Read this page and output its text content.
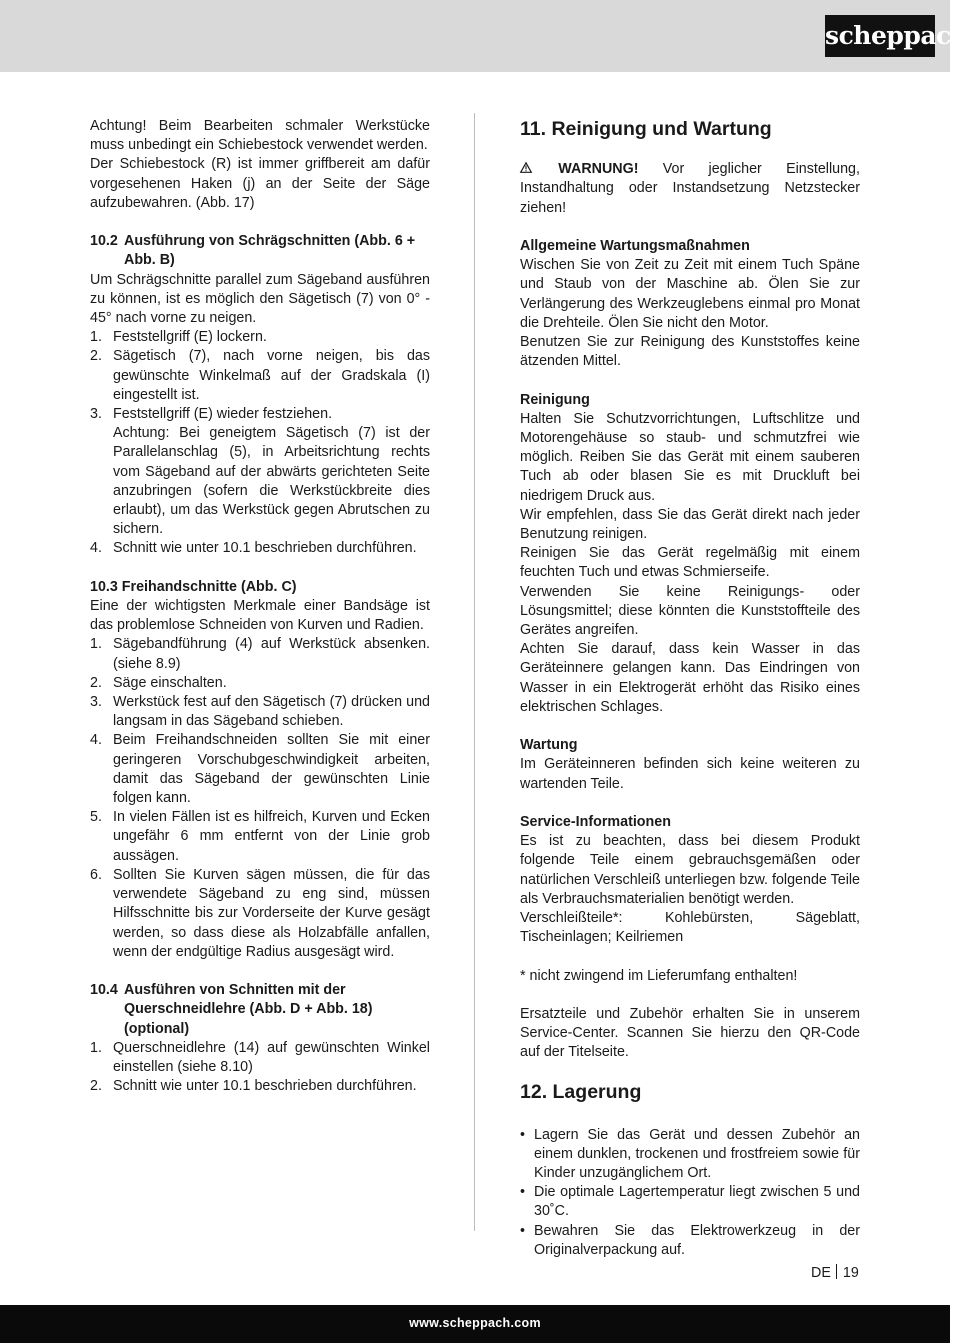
scheppach

Achtung! Beim Bearbeiten schmaler Werkstücke muss unbedingt ein Schiebestock verwendet werden.

Der Schiebestock (R) ist immer griffbereit am dafür vorgesehenen Haken (j) an der Seite der Säge aufzubewahren. (Abb. 17)

10.2 Ausführung von Schrägschnitten (Abb. 6 + Abb. B)

Um Schrägschnitte parallel zum Sägeband ausführen zu können, ist es möglich den Sägetisch (7) von 0° - 45° nach vorne zu neigen.

1. Feststellgriff (E) lockern.
2. Sägetisch (7), nach vorne neigen, bis das gewünschte Winkelmaß auf der Gradskala (I) eingestellt ist.
3. Feststellgriff (E) wieder festziehen.
Achtung: Bei geneigtem Sägetisch (7) ist der Parallelanschlag (5), in Arbeitsrichtung rechts vom Sägeband auf der abwärts gerichteten Seite anzubringen (sofern die Werkstückbreite dies erlaubt), um das Werkstück gegen Abrutschen zu sichern.
4. Schnitt wie unter 10.1 beschrieben durchführen.

10.3 Freihandschnitte (Abb. C)

Eine der wichtigsten Merkmale einer Bandsäge ist das problemlose Schneiden von Kurven und Radien.

1. Sägebandführung (4) auf Werkstück absenken. (siehe 8.9)
2. Säge einschalten.
3. Werkstück fest auf den Sägetisch (7) drücken und langsam in das Sägeband schieben.
4. Beim Freihandschneiden sollten Sie mit einer geringeren Vorschubgeschwindigkeit arbeiten, damit das Sägeband der gewünschten Linie folgen kann.
5. In vielen Fällen ist es hilfreich, Kurven und Ecken ungefähr 6 mm entfernt von der Linie grob aussägen.
6. Sollten Sie Kurven sägen müssen, die für das verwendete Sägeband zu eng sind, müssen Hilfsschnitte bis zur Vorderseite der Kurve gesägt werden, so dass diese als Holzabfälle anfallen, wenn der endgültige Radius ausgesägt wird.
10.4 Ausführen von Schnitten mit der Querschneidlehre (Abb. D + Abb. 18) (optional)
1. Querschneidlehre (14) auf gewünschten Winkel einstellen (siehe 8.10)
2. Schnitt wie unter 10.1 beschrieben durchführen.

11. Reinigung und Wartung

WARNUNG! Vor jeglicher Einstellung, Instandhaltung oder Instandsetzung Netzstecker ziehen!

Allgemeine Wartungsmaßnahmen

Wischen Sie von Zeit zu Zeit mit einem Tuch Späne und Staub von der Maschine ab. Ölen Sie zur Verlängerung des Werkzeuglebens einmal pro Monat die Drehteile. Ölen Sie nicht den Motor.

Benutzen Sie zur Reinigung des Kunststoffes keine ätzenden Mittel.

Reinigung

Halten Sie Schutzvorrichtungen, Luftschlitze und Motorengehäuse so staub- und schmutzfrei wie möglich. Reiben Sie das Gerät mit einem sauberen Tuch ab oder blasen Sie es mit Druckluft bei niedrigem Druck aus.

Wir empfehlen, dass Sie das Gerät direkt nach jeder Benutzung reinigen.

Reinigen Sie das Gerät regelmäßig mit einem feuchten Tuch und etwas Schmierseife.

Verwenden Sie keine Reinigungs- oder Lösungsmittel; diese könnten die Kunststoffteile des Gerätes angreifen.

Achten Sie darauf, dass kein Wasser in das Geräteinnere gelangen kann. Das Eindringen von Wasser in ein Elektrogerät erhöht das Risiko eines elektrischen Schlages.

Wartung

Im Geräteinneren befinden sich keine weiteren zu wartenden Teile.

Service-Informationen

Es ist zu beachten, dass bei diesem Produkt folgende Teile einem gebrauchsgemäßen oder natürlichen Verschleiß unterliegen bzw. folgende Teile als Verbrauchsmaterialien benötigt werden.

Verschleißteile*: Kohlebürsten, Sägeblatt, Tischeinlagen; Keilriemen

* nicht zwingend im Lieferumfang enthalten!

Ersatzteile und Zubehör erhalten Sie in unserem Service-Center. Scannen Sie hierzu den QR-Code auf der Titelseite.

12. Lagerung

• Lagern Sie das Gerät und dessen Zubehör an einem dunklen, trockenen und frostfreiem sowie für Kinder unzugänglichem Ort.
• Die optimale Lagertemperatur liegt zwischen 5 und 30˚C.
• Bewahren Sie das Elektrowerkzeug in der Originalverpackung auf.
DE 19
www.scheppach.com
